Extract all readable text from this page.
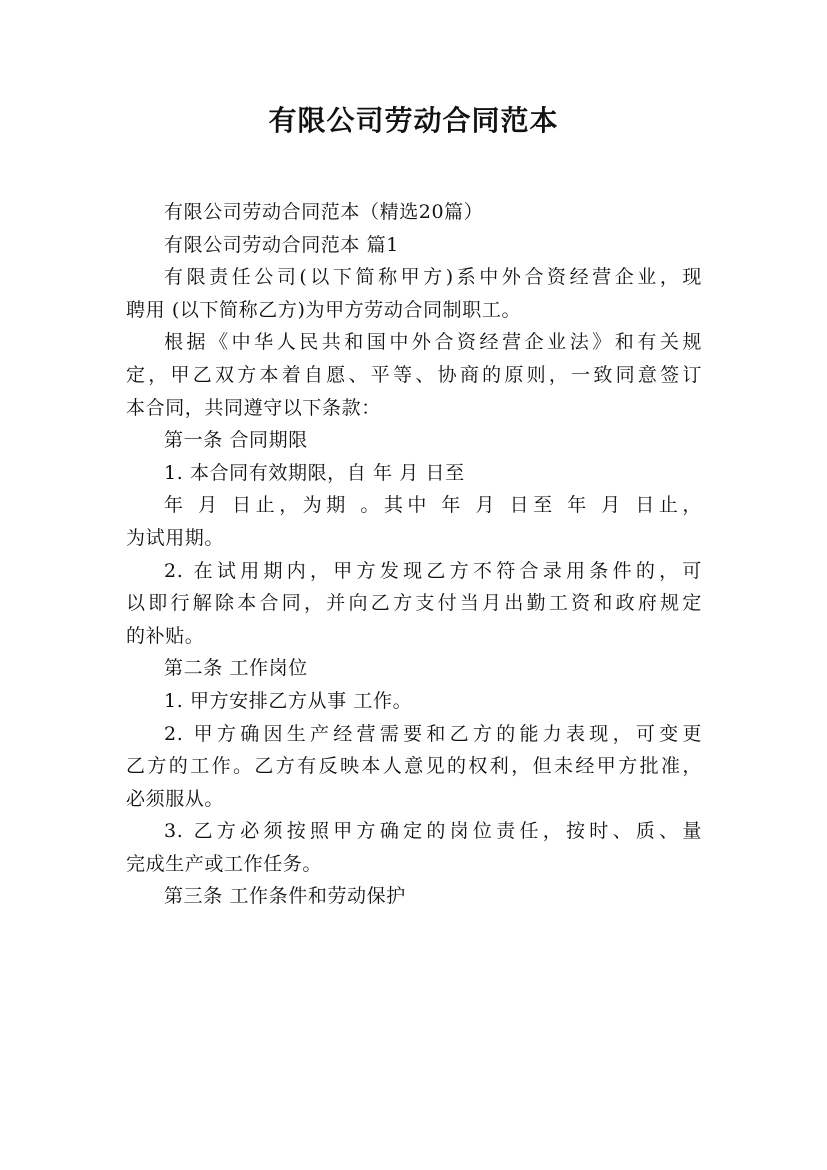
有限公司劳动合同范本

有限公司劳动合同范本（精选20篇）

有限公司劳动合同范本 篇1

有限责任公司(以下简称甲方)系中外合资经营企业，现
聘用 (以下简称乙方)为甲方劳动合同制职工。
根据《中华人民共和国中外合资经营企业法》和有关规
定，甲乙双方本着自愿、平等、协商的原则，一致同意签订
本合同，共同遵守以下条款：

第一条 合同期限

1. 本合同有效期限，自 年 月 日至

年 月 日止，为期 。其中 年 月 日至 年 月 日止，
为试用期。
2. 在试用期内，甲方发现乙方不符合录用条件的，可
以即行解除本合同，并向乙方支付当月出勤工资和政府规定
的补贴。

第二条 工作岗位

1. 甲方安排乙方从事 工作。

2. 甲方确因生产经营需要和乙方的能力表现，可变更
乙方的工作。乙方有反映本人意见的权利，但未经甲方批准，
必须服从。
3. 乙方必须按照甲方确定的岗位责任，按时、质、量
完成生产或工作任务。

第三条 工作条件和劳动保护
